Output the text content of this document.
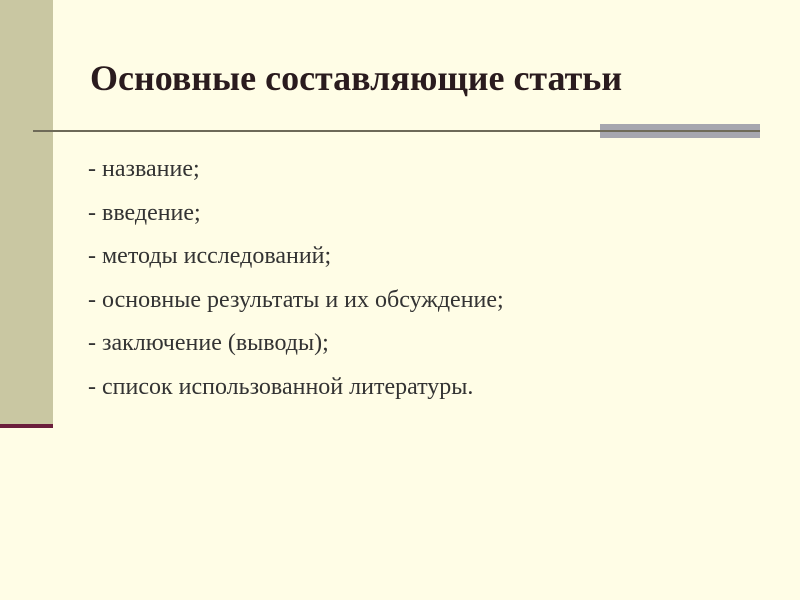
Основные составляющие статьи
- название;
- введение;
- методы исследований;
- основные результаты и их обсуждение;
- заключение (выводы);
- список использованной литературы.
